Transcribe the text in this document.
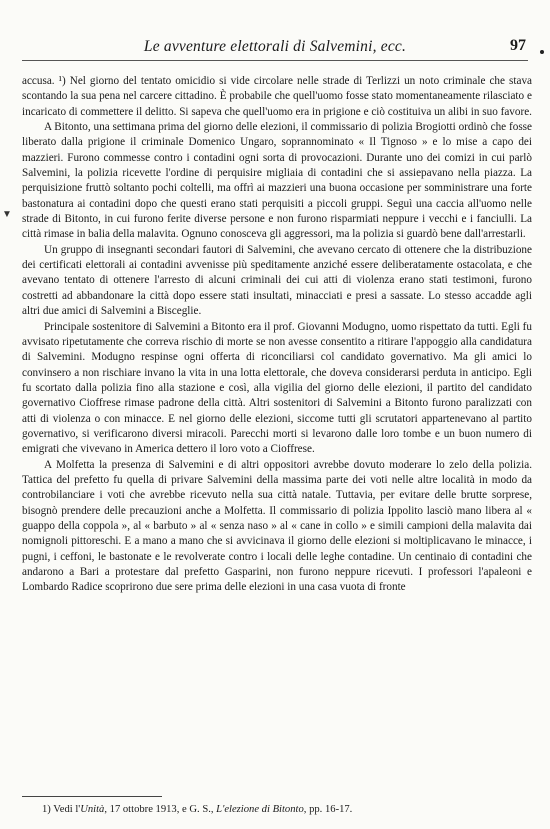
Le avventure elettorali di Salvemini, ecc.	97
▼

accusa. ¹) Nel giorno del tentato omicidio si vide circolare nelle strade di Terlizzi un noto criminale che stava scontando la sua pena nel carcere cittadino. È probabile che quell'uomo fosse stato momentaneamente rilasciato e incaricato di commettere il delitto. Si sapeva che quell'uomo era in prigione e ciò costituiva un alibi in suo favore.

A Bitonto, una settimana prima del giorno delle elezioni, il commissario di polizia Brogiotti ordinò che fosse liberato dalla prigione il criminale Domenico Ungaro, soprannominato « Il Tignoso » e lo mise a capo dei mazzieri. Furono commesse contro i contadini ogni sorta di provocazioni. Durante uno dei comizi in cui parlò Salvemini, la polizia ricevette l'ordine di perquisire migliaia di contadini che si assiepavano nella piazza. La perquisizione fruttò soltanto pochi coltelli, ma offrì ai mazzieri una buona occasione per somministrare una forte bastonatura ai contadini dopo che questi erano stati perquisiti a piccoli gruppi. Seguì una caccia all'uomo nelle strade di Bitonto, in cui furono ferite diverse persone e non furono risparmiati neppure i vecchi e i fanciulli. La città rimase in balia della malavita. Ognuno conosceva gli aggressori, ma la polizia si guardò bene dall'arrestarli.

Un gruppo di insegnanti secondari fautori di Salvemini, che avevano cercato di ottenere che la distribuzione dei certificati elettorali ai contadini avvenisse più speditamente anziché essere deliberatamente ostacolata, e che avevano tentato di ottenere l'arresto di alcuni criminali dei cui atti di violenza erano stati testimoni, furono costretti ad abbandonare la città dopo essere stati insultati, minacciati e presi a sassate. Lo stesso accadde agli altri due amici di Salvemini a Bisceglie.

Principale sostenitore di Salvemini a Bitonto era il prof. Giovanni Modugno, uomo rispettato da tutti. Egli fu avvisato ripetutamente che correva rischio di morte se non avesse consentito a ritirare l'appoggio alla candidatura di Salvemini. Modugno respinse ogni offerta di riconciliarsi col candidato governativo. Ma gli amici lo convinsero a non rischiare invano la vita in una lotta elettorale, che doveva considerarsi perduta in anticipo. Egli fu scortato dalla polizia fino alla stazione e così, alla vigilia del giorno delle elezioni, il partito del candidato governativo Cioffrese rimase padrone della città. Altri sostenitori di Salvemini a Bitonto furono paralizzati con atti di violenza o con minacce. E nel giorno delle elezioni, siccome tutti gli scrutatori appartenevano al partito governativo, si verificarono diversi miracoli. Parecchi morti si levarono dalle loro tombe e un buon numero di emigrati che vivevano in America dettero il loro voto a Cioffrese.

A Molfetta la presenza di Salvemini e di altri oppositori avrebbe dovuto moderare lo zelo della polizia. Tattica del prefetto fu quella di privare Salvemini della massima parte dei voti nelle altre località in modo da controbilanciare i voti che avrebbe ricevuto nella sua città natale. Tuttavia, per evitare delle brutte sorprese, bisognò prendere delle precauzioni anche a Molfetta. Il commissario di polizia Ippolito lasciò mano libera al « guappo della coppola », al « barbuto » al « senza naso » al « cane in collo » e simili campioni della malavita dai nomignoli pittoreschi. E a mano a mano che si avvicinava il giorno delle elezioni si moltiplicavano le minacce, i pugni, i ceffoni, le bastonate e le revolverate contro i locali delle leghe contadine. Un centinaio di contadini che andarono a Bari a protestare dal prefetto Gasparini, non furono neppure ricevuti. I professori l'apaleoni e Lombardo Radice scoprirono due sere prima delle elezioni in una casa vuota di fronte

1) Vedi l'Unità, 17 ottobre 1913, e G. S., L'elezione di Bitonto, pp. 16-17.
